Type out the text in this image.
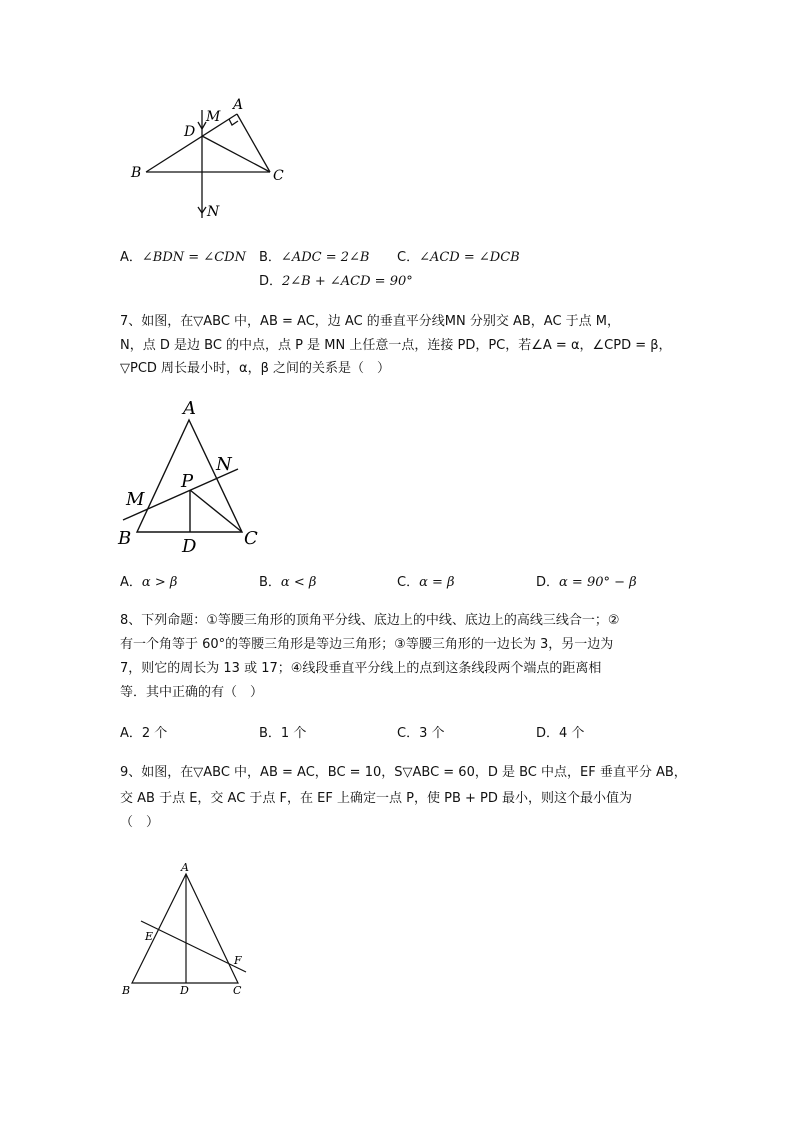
A
M
D
B	C
N
A．∠BDN = ∠CDN B．∠ADC = 2∠B C．∠ACD = ∠DCB
D．2∠B + ∠ACD = 90°
7、如图，在▽ABC 中，AB = AC，边 AC 的垂直平分线MN 分别交 AB，AC 于点 M，
N，点 D 是边 BC 的中点，点 P 是 MN 上任意一点，连接 PD，PC，若∠A = α，∠CPD = β，
▽PCD 周长最小时，α，β 之间的关系是（　）
A
N
P
M
B	D	C
A．α > β	B．α < β	C．α = β	D．α = 90° − β
8、下列命题：①等腰三角形的顶角平分线、底边上的中线、底边上的高线三线合一；②
有一个角等于 60°的等腰三角形是等边三角形；③等腰三角形的一边长为 3，另一边为
7，则它的周长为 13 或 17；④线段垂直平分线上的点到这条线段两个端点的距离相
等．其中正确的有（　）
A．2 个	B．1 个	C．3 个	D．4 个
9、如图，在▽ABC 中，AB = AC，BC = 10，S▽ABC = 60，D 是 BC 中点，EF 垂直平分 AB，
交 AB 于点 E，交 AC 于点 F，在 EF 上确定一点 P，使 PB + PD 最小，则这个最小值为
（　）
A
E
F
B	D	C
